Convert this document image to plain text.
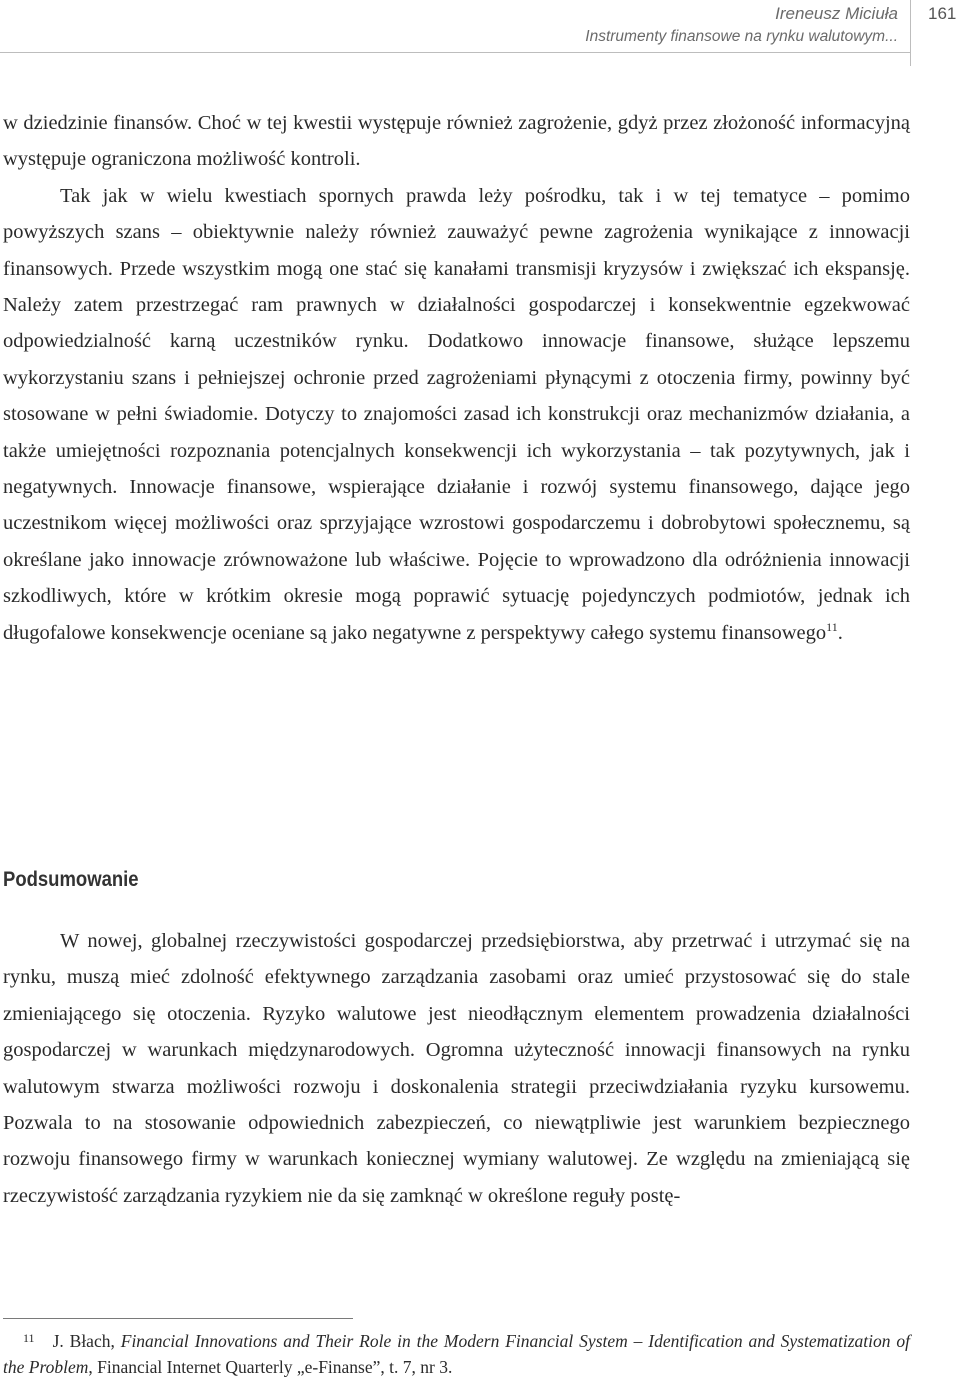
Ireneusz Miciuła
Instrumenty finansowe na rynku walutowym...
161

w dziedzinie finansów. Choć w tej kwestii występuje również zagrożenie, gdyż przez złożoność informacyjną występuje ograniczona możliwość kontroli.

Tak jak w wielu kwestiach spornych prawda leży pośrodku, tak i w tej tematyce – pomimo powyższych szans – obiektywnie należy również zauważyć pewne zagrożenia wynikające z innowacji finansowych. Przede wszystkim mogą one stać się kanałami transmisji kryzysów i zwiększać ich ekspansję. Należy zatem przestrzegać ram prawnych w działalności gospodarczej i konsekwentnie egzekwować odpowiedzialność karną uczestników rynku. Dodatkowo innowacje finansowe, służące lepszemu wykorzystaniu szans i pełniejszej ochronie przed zagrożeniami płynącymi z otoczenia firmy, powinny być stosowane w pełni świadomie. Dotyczy to znajomości zasad ich konstrukcji oraz mechanizmów działania, a także umiejętności rozpoznania potencjalnych konsekwencji ich wykorzystania – tak pozytywnych, jak i negatywnych. Innowacje finansowe, wspierające działanie i rozwój systemu finansowego, dające jego uczestnikom więcej możliwości oraz sprzyjające wzrostowi gospodarczemu i dobrobytowi społecznemu, są określane jako innowacje zrównoważone lub właściwe. Pojęcie to wprowadzono dla odróżnienia innowacji szkodliwych, które w krótkim okresie mogą poprawić sytuację pojedynczych podmiotów, jednak ich długofalowe konsekwencje oceniane są jako negatywne z perspektywy całego systemu finansowego$^{11}$.

Podsumowanie

W nowej, globalnej rzeczywistości gospodarczej przedsiębiorstwa, aby przetrwać i utrzymać się na rynku, muszą mieć zdolność efektywnego zarządzania zasobami oraz umieć przystosować się do stale zmieniającego się otoczenia. Ryzyko walutowe jest nieodłącznym elementem prowadzenia działalności gospodarczej w warunkach międzynarodowych. Ogromna użyteczność innowacji finansowych na rynku walutowym stwarza możliwości rozwoju i doskonalenia strategii przeciwdziałania ryzyku kursowemu. Pozwala to na stosowanie odpowiednich zabezpieczeń, co niewątpliwie jest warunkiem bezpiecznego rozwoju finansowego firmy w warunkach koniecznej wymiany walutowej. Ze względu na zmieniającą się rzeczywistość zarządzania ryzykiem nie da się zamknąć w określone reguły postę-

$^{11}$ J. Błach, Financial Innovations and Their Role in the Modern Financial System – Identification and Systematization of the Problem, Financial Internet Quarterly „e-Finanse”, t. 7, nr 3.
